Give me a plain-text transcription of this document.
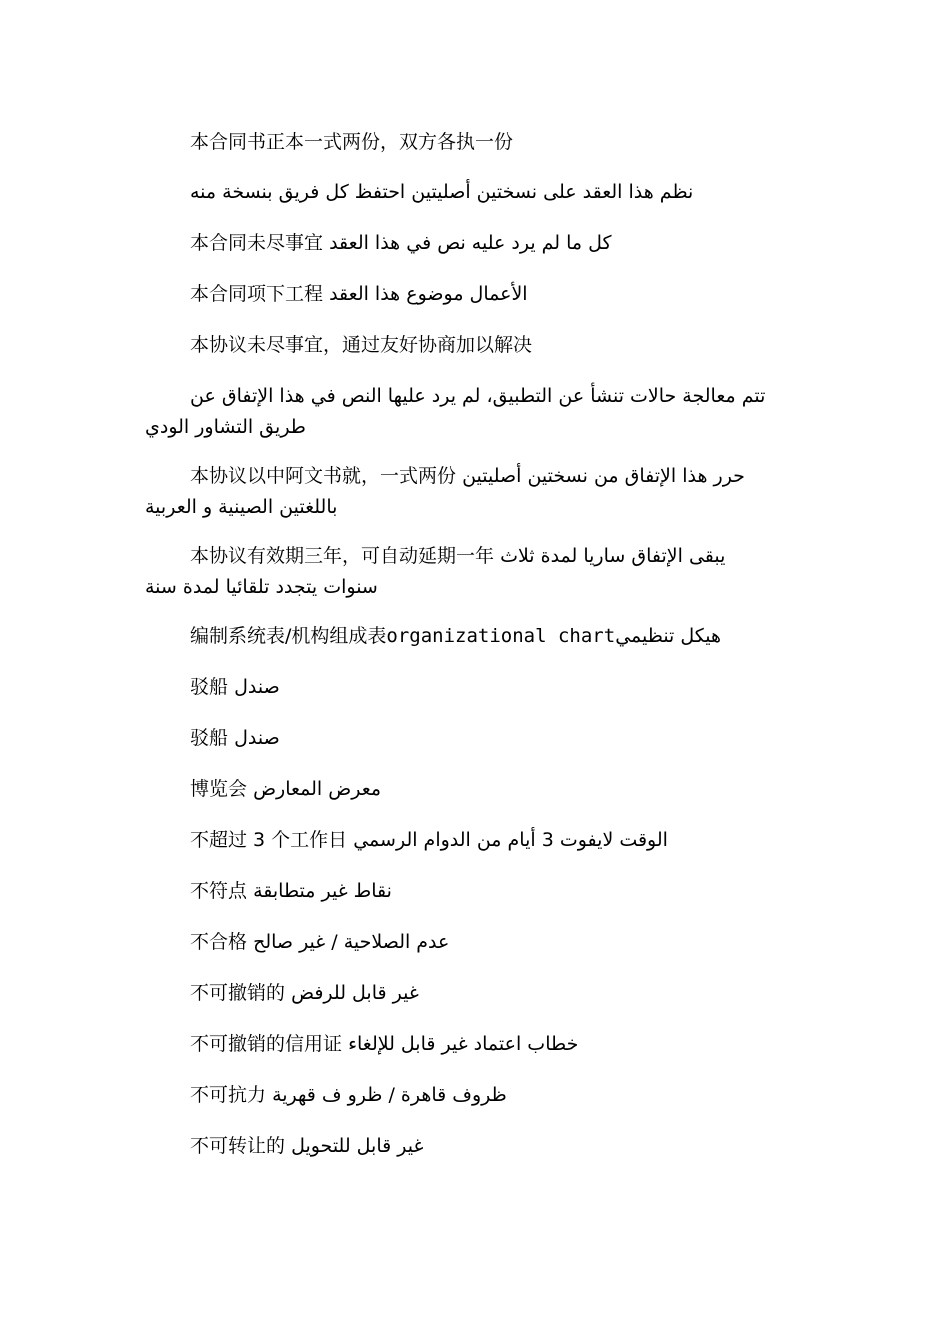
本合同书正本一式两份，双方各执一份
نظم هذا العقد على نسختين أصليتين احتفظ كل فريق بنسخة منه
本合同未尽事宜 كل ما لم يرد عليه نص في هذا العقد
本合同项下工程 الأعمال موضوع هذا العقد
本协议未尽事宜，通过友好协商加以解决
تتم معالجة حالات تنشأ عن التطبيق، لم يرد عليها النص في هذا الإتفاق عن
طريق التشاور الودي
本协议以中阿文书就，一式两份 حرر هذا الإتفاق من نسختين أصليتين
باللغتين الصينية و العربية
本协议有效期三年，可自动延期一年 يبقى الإتفاق ساريا لمدة ثلاث
سنوات يتجدد تلقائيا لمدة سنة
编制系统表/机构组成表organizational chartهيكل تنظيمي
驳船 صندل
驳船 صندل
博览会 معرض المعارض
不超过 3 个工作日 الوقت لايفوت 3 أيام من الدوام الرسمي
不符点 نقاط غير متطابقة
不合格 عدم الصلاحية / غير صالح
不可撤销的 غير قابل للرفض
不可撤销的信用证 خطاب اعتماد غير قابل للإلغاء
不可抗力 ظروف قاهرة / ظرو ف قهرية
不可转让的 غير قابل للتحويل
